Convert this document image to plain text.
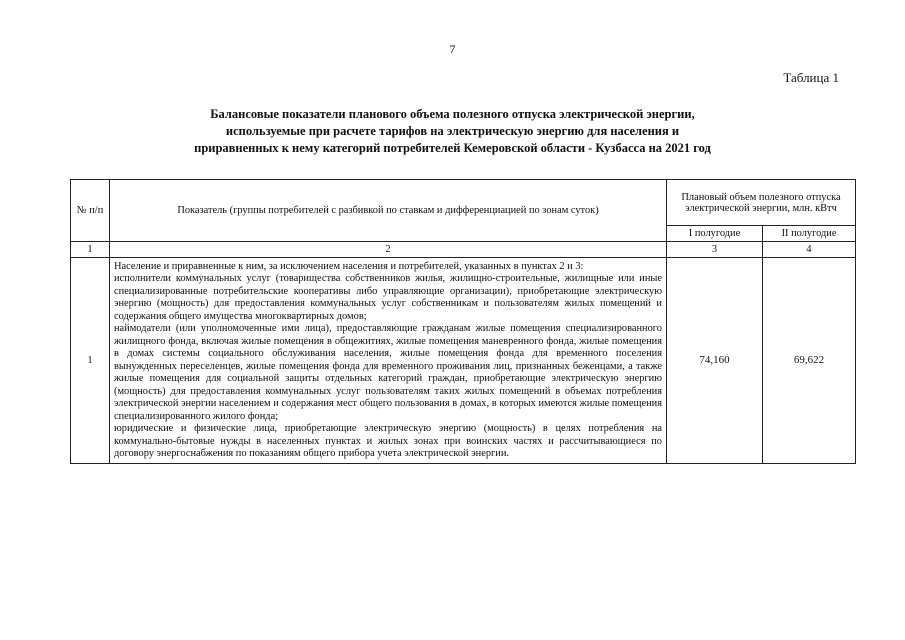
7
Таблица 1
Балансовые показатели планового объема полезного отпуска электрической энергии,
используемые при расчете тарифов на электрическую энергию для населения и
приравненных к нему категорий потребителей Кемеровской области - Кузбасса на 2021 год
№ п/п	Показатель (группы потребителей с разбивкой по ставкам и дифференциацией по зонам суток)	Плановый объем полезного отпуска электрической энергии, млн. кВтч	
		I полугодие	II полугодие
1	2	3	4
1	Население и приравненные к ним, за исключением населения и потребителей, указанных в пунктах 2 и 3:

исполнители коммунальных услуг (товарищества собственников жилья, жилищно-строительные, жилищные или иные специализированные потребительские кооперативы либо управляющие организации), приобретающие электрическую энергию (мощность) для предоставления коммунальных услуг собственникам и пользователям жилых помещений и содержания общего имущества многоквартирных домов;

наймодатели (или уполномоченные ими лица), предоставляющие гражданам жилые помещения специализированного жилищного фонда, включая жилые помещения в общежитиях, жилые помещения маневренного фонда, жилые помещения в домах системы социального обслуживания населения, жилые помещения фонда для временного поселения вынужденных переселенцев, жилые помещения фонда для временного проживания лиц, признанных беженцами, а также жилые помещения для социальной защиты отдельных категорий граждан, приобретающие электрическую энергию (мощность) для предоставления коммунальных услуг пользователям таких жилых помещений в объемах потребления электрической энергии населением и содержания мест общего пользования в домах, в которых имеются жилые помещения специализированного жилого фонда;

юридические и физические лица, приобретающие электрическую энергию (мощность) в целях потребления на коммунально-бытовые нужды в населенных пунктах и жилых зонах при воинских частях и рассчитывающиеся по договору энергоснабжения по показаниям общего прибора учета электрической энергии.	74,160	69,622
